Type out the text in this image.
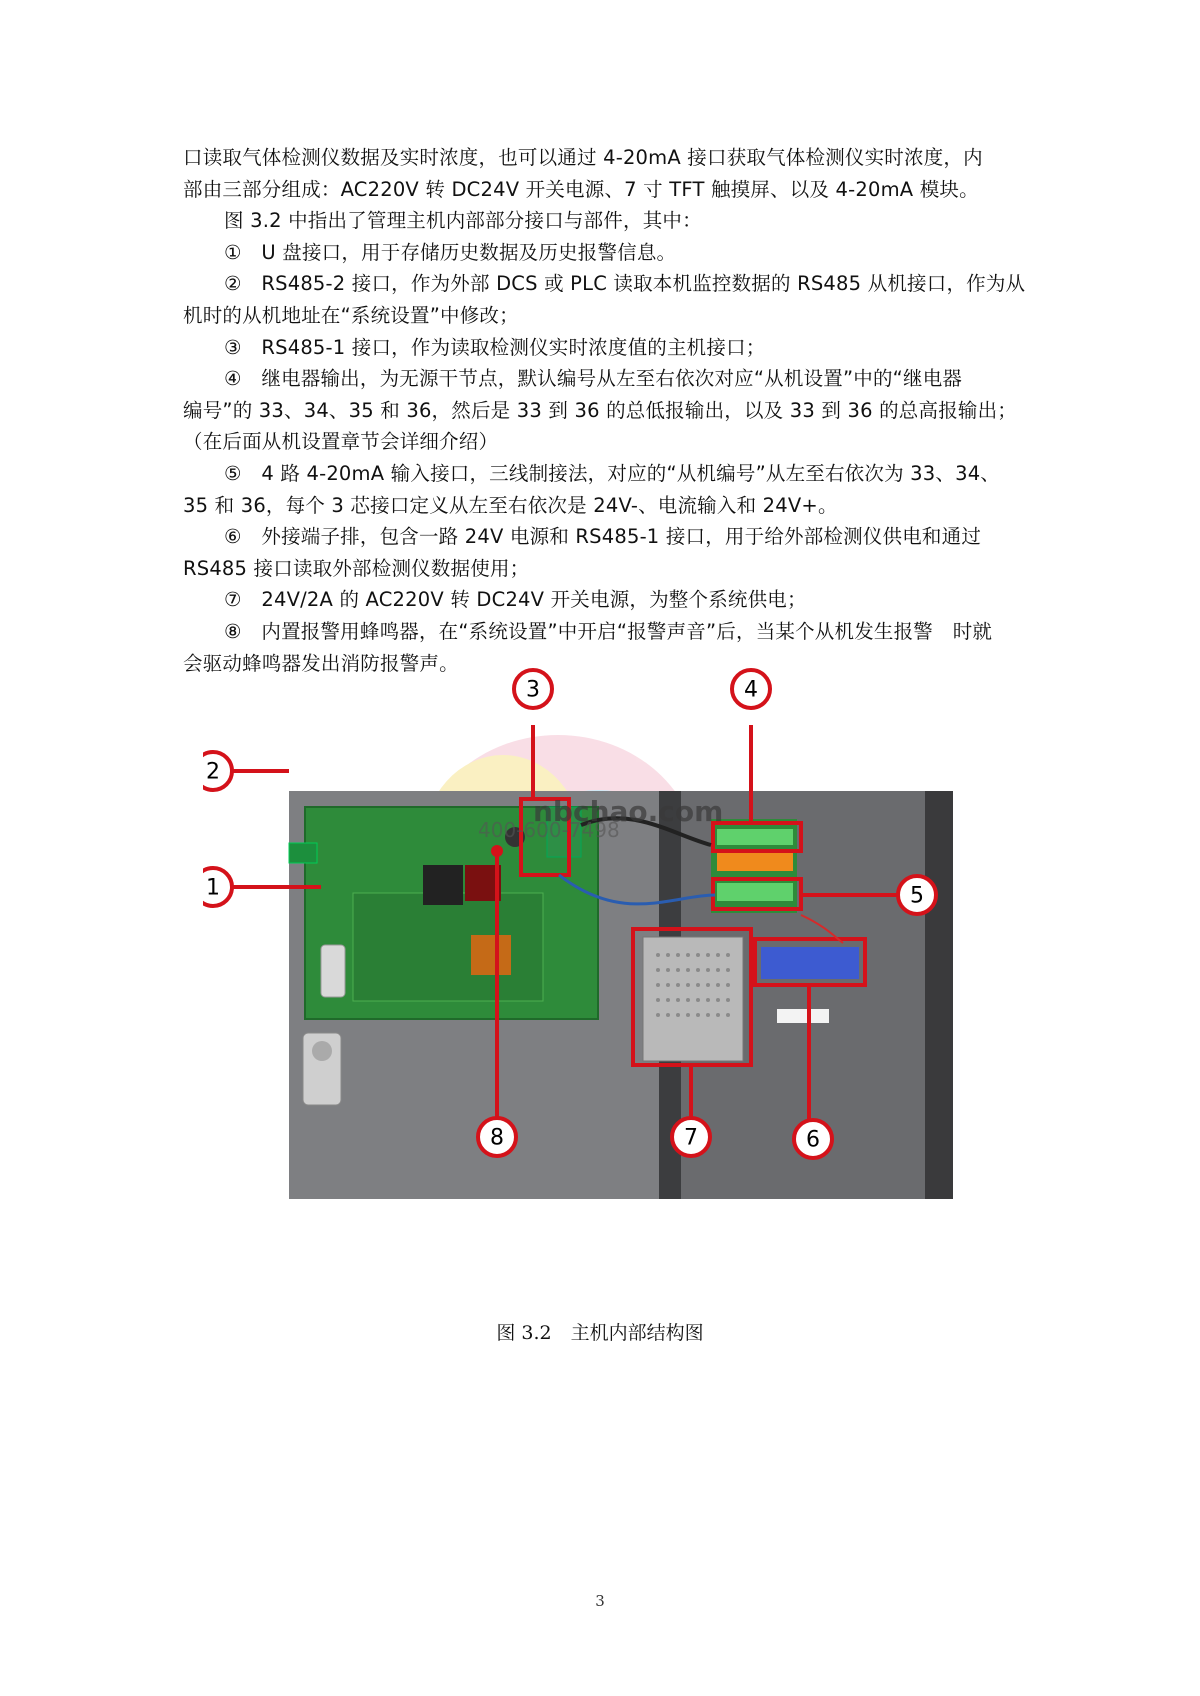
口读取气体检测仪数据及实时浓度，也可以通过 4-20mA 接口获取气体检测仪实时浓度，内
部由三部分组成：AC220V 转 DC24V 开关电源、7 寸 TFT 触摸屏、以及 4-20mA 模块。
图 3.2 中指出了管理主机内部部分接口与部件，其中：
①　U 盘接口，用于存储历史数据及历史报警信息。
②　RS485-2 接口，作为外部 DCS 或 PLC 读取本机监控数据的 RS485 从机接口，作为从
机时的从机地址在“系统设置”中修改；
③　RS485-1 接口，作为读取检测仪实时浓度值的主机接口；
④　继电器输出，为无源干节点，默认编号从左至右依次对应“从机设置”中的“继电器
编号”的 33、34、35 和 36，然后是 33 到 36 的总低报输出，以及 33 到 36 的总高报输出；
（在后面从机设置章节会详细介绍）
⑤　4 路 4-20mA 输入接口，三线制接法，对应的“从机编号”从左至右依次为 33、34、
35 和 36，每个 3 芯接口定义从左至右依次是 24V-、电流输入和 24V+。
⑥　外接端子排，包含一路 24V 电源和 RS485-1 接口，用于给外部检测仪供电和通过
RS485 接口读取外部检测仪数据使用；
⑦　24V/2A 的 AC220V 转 DC24V 开关电源，为整个系统供电；
⑧　内置报警用蜂鸣器，在“系统设置”中开启“报警声音”后，当某个从机发生报警　时就
会驱动蜂鸣器发出消防报警声。
1
2
8	7	6
5
nbchao.com
400-600-7498
3	4
图 3.2　主机内部结构图
3
